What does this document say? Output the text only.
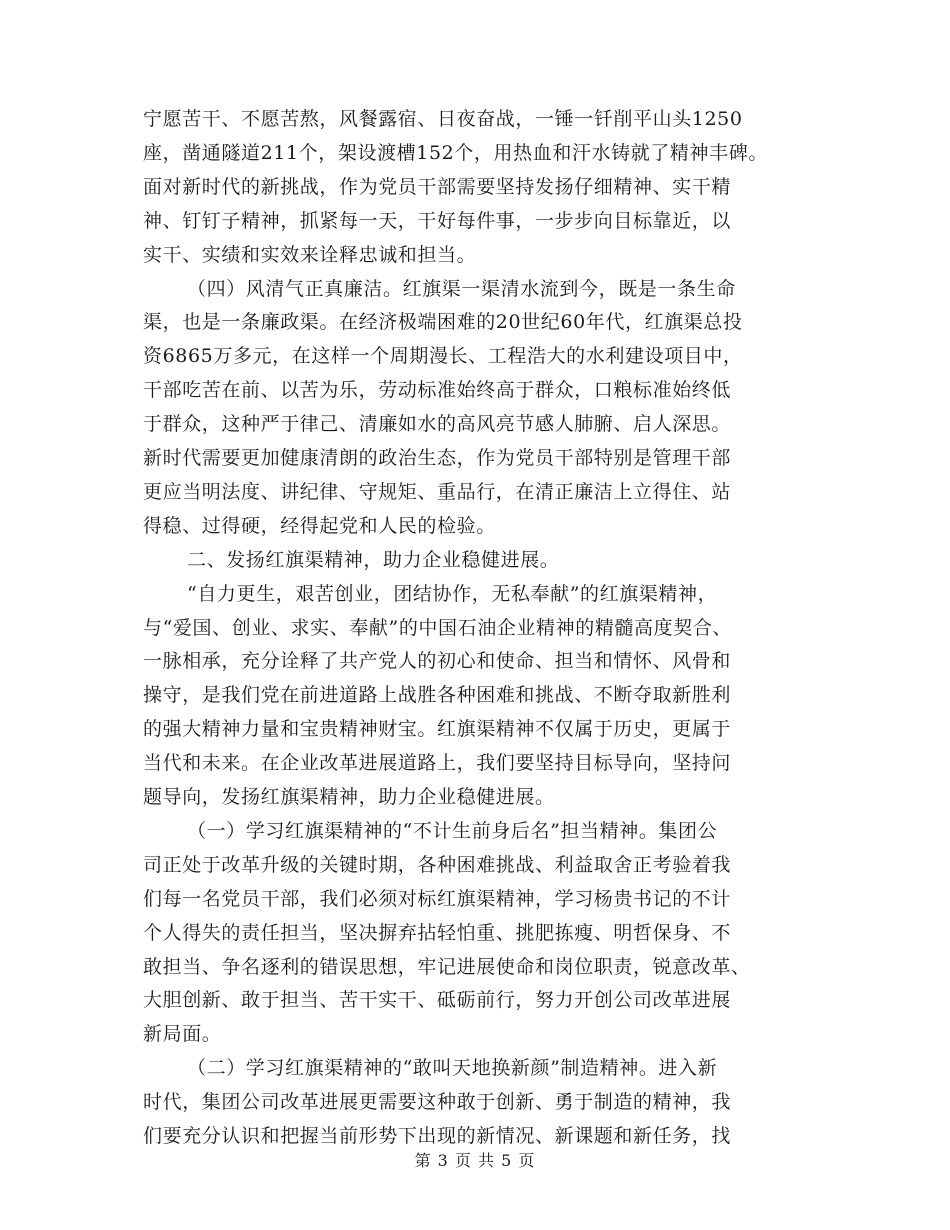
宁愿苦干、不愿苦熬，风餐露宿、日夜奋战，一锤一钎削平山头1250
座，凿通隧道211个，架设渡槽152个，用热血和汗水铸就了精神丰碑。
面对新时代的新挑战，作为党员干部需要坚持发扬仔细精神、实干精
神、钉钉子精神，抓紧每一天，干好每件事，一步步向目标靠近，以
实干、实绩和实效来诠释忠诚和担当。
（四）风清气正真廉洁。红旗渠一渠清水流到今，既是一条生命
渠，也是一条廉政渠。在经济极端困难的20世纪60年代，红旗渠总投
资6865万多元，在这样一个周期漫长、工程浩大的水利建设项目中，
干部吃苦在前、以苦为乐，劳动标准始终高于群众，口粮标准始终低
于群众，这种严于律己、清廉如水的高风亮节感人肺腑、启人深思。
新时代需要更加健康清朗的政治生态，作为党员干部特别是管理干部
更应当明法度、讲纪律、守规矩、重品行，在清正廉洁上立得住、站
得稳、过得硬，经得起党和人民的检验。
二、发扬红旗渠精神，助力企业稳健进展。
“自力更生，艰苦创业，团结协作，无私奉献”的红旗渠精神，
与“爱国、创业、求实、奉献”的中国石油企业精神的精髓高度契合、
一脉相承，充分诠释了共产党人的初心和使命、担当和情怀、风骨和
操守，是我们党在前进道路上战胜各种困难和挑战、不断夺取新胜利
的强大精神力量和宝贵精神财宝。红旗渠精神不仅属于历史，更属于
当代和未来。在企业改革进展道路上，我们要坚持目标导向，坚持问
题导向，发扬红旗渠精神，助力企业稳健进展。
（一）学习红旗渠精神的“不计生前身后名”担当精神。集团公
司正处于改革升级的关键时期，各种困难挑战、利益取舍正考验着我
们每一名党员干部，我们必须对标红旗渠精神，学习杨贵书记的不计
个人得失的责任担当，坚决摒弃拈轻怕重、挑肥拣瘦、明哲保身、不
敢担当、争名逐利的错误思想，牢记进展使命和岗位职责，锐意改革、
大胆创新、敢于担当、苦干实干、砥砺前行，努力开创公司改革进展
新局面。
（二）学习红旗渠精神的“敢叫天地换新颜”制造精神。进入新
时代，集团公司改革进展更需要这种敢于创新、勇于制造的精神，我
们要充分认识和把握当前形势下出现的新情况、新课题和新任务，找
第 3 页 共 5 页
